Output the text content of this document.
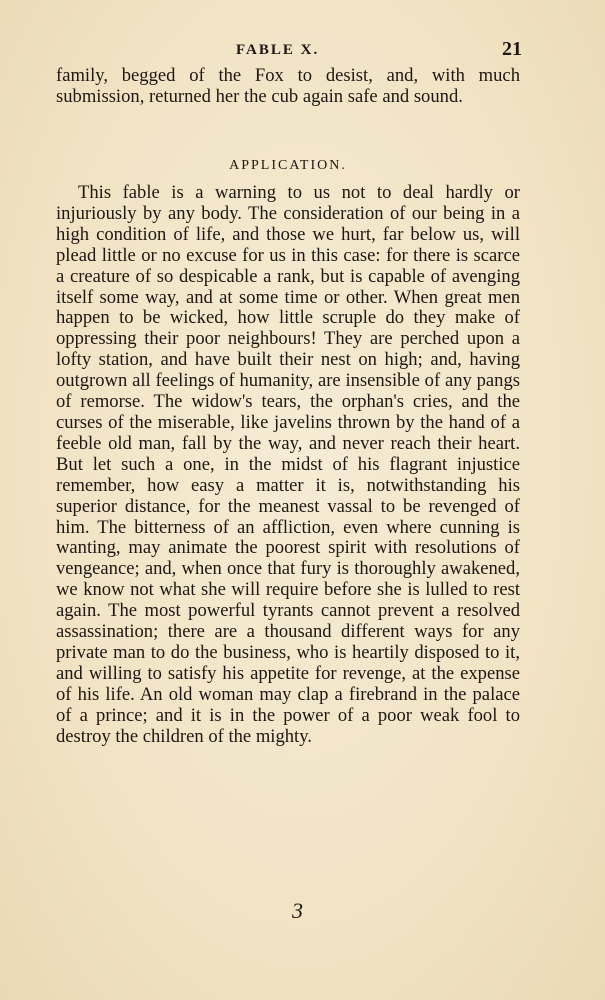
FABLE X.	21

family, begged of the Fox to desist, and, with much submission, returned her the cub again safe and sound.

APPLICATION.

This fable is a warning to us not to deal hardly or injuriously by any body. The consideration of our being in a high condition of life, and those we hurt, far below us, will plead little or no excuse for us in this case: for there is scarce a creature of so despicable a rank, but is capable of avenging itself some way, and at some time or other. When great men happen to be wicked, how little scruple do they make of oppressing their poor neighbours! They are perched upon a lofty station, and have built their nest on high; and, having outgrown all feelings of humanity, are insensible of any pangs of remorse. The widow's tears, the orphan's cries, and the curses of the miserable, like javelins thrown by the hand of a feeble old man, fall by the way, and never reach their heart. But let such a one, in the midst of his flagrant injustice remember, how easy a matter it is, notwithstanding his superior distance, for the meanest vassal to be revenged of him. The bitterness of an affliction, even where cunning is wanting, may animate the poorest spirit with resolutions of vengeance; and, when once that fury is thoroughly awakened, we know not what she will require before she is lulled to rest again. The most powerful tyrants cannot prevent a resolved assassination; there are a thousand different ways for any private man to do the business, who is heartily disposed to it, and willing to satisfy his appetite for revenge, at the expense of his life. An old woman may clap a firebrand in the palace of a prince; and it is in the power of a poor weak fool to destroy the children of the mighty.

3
